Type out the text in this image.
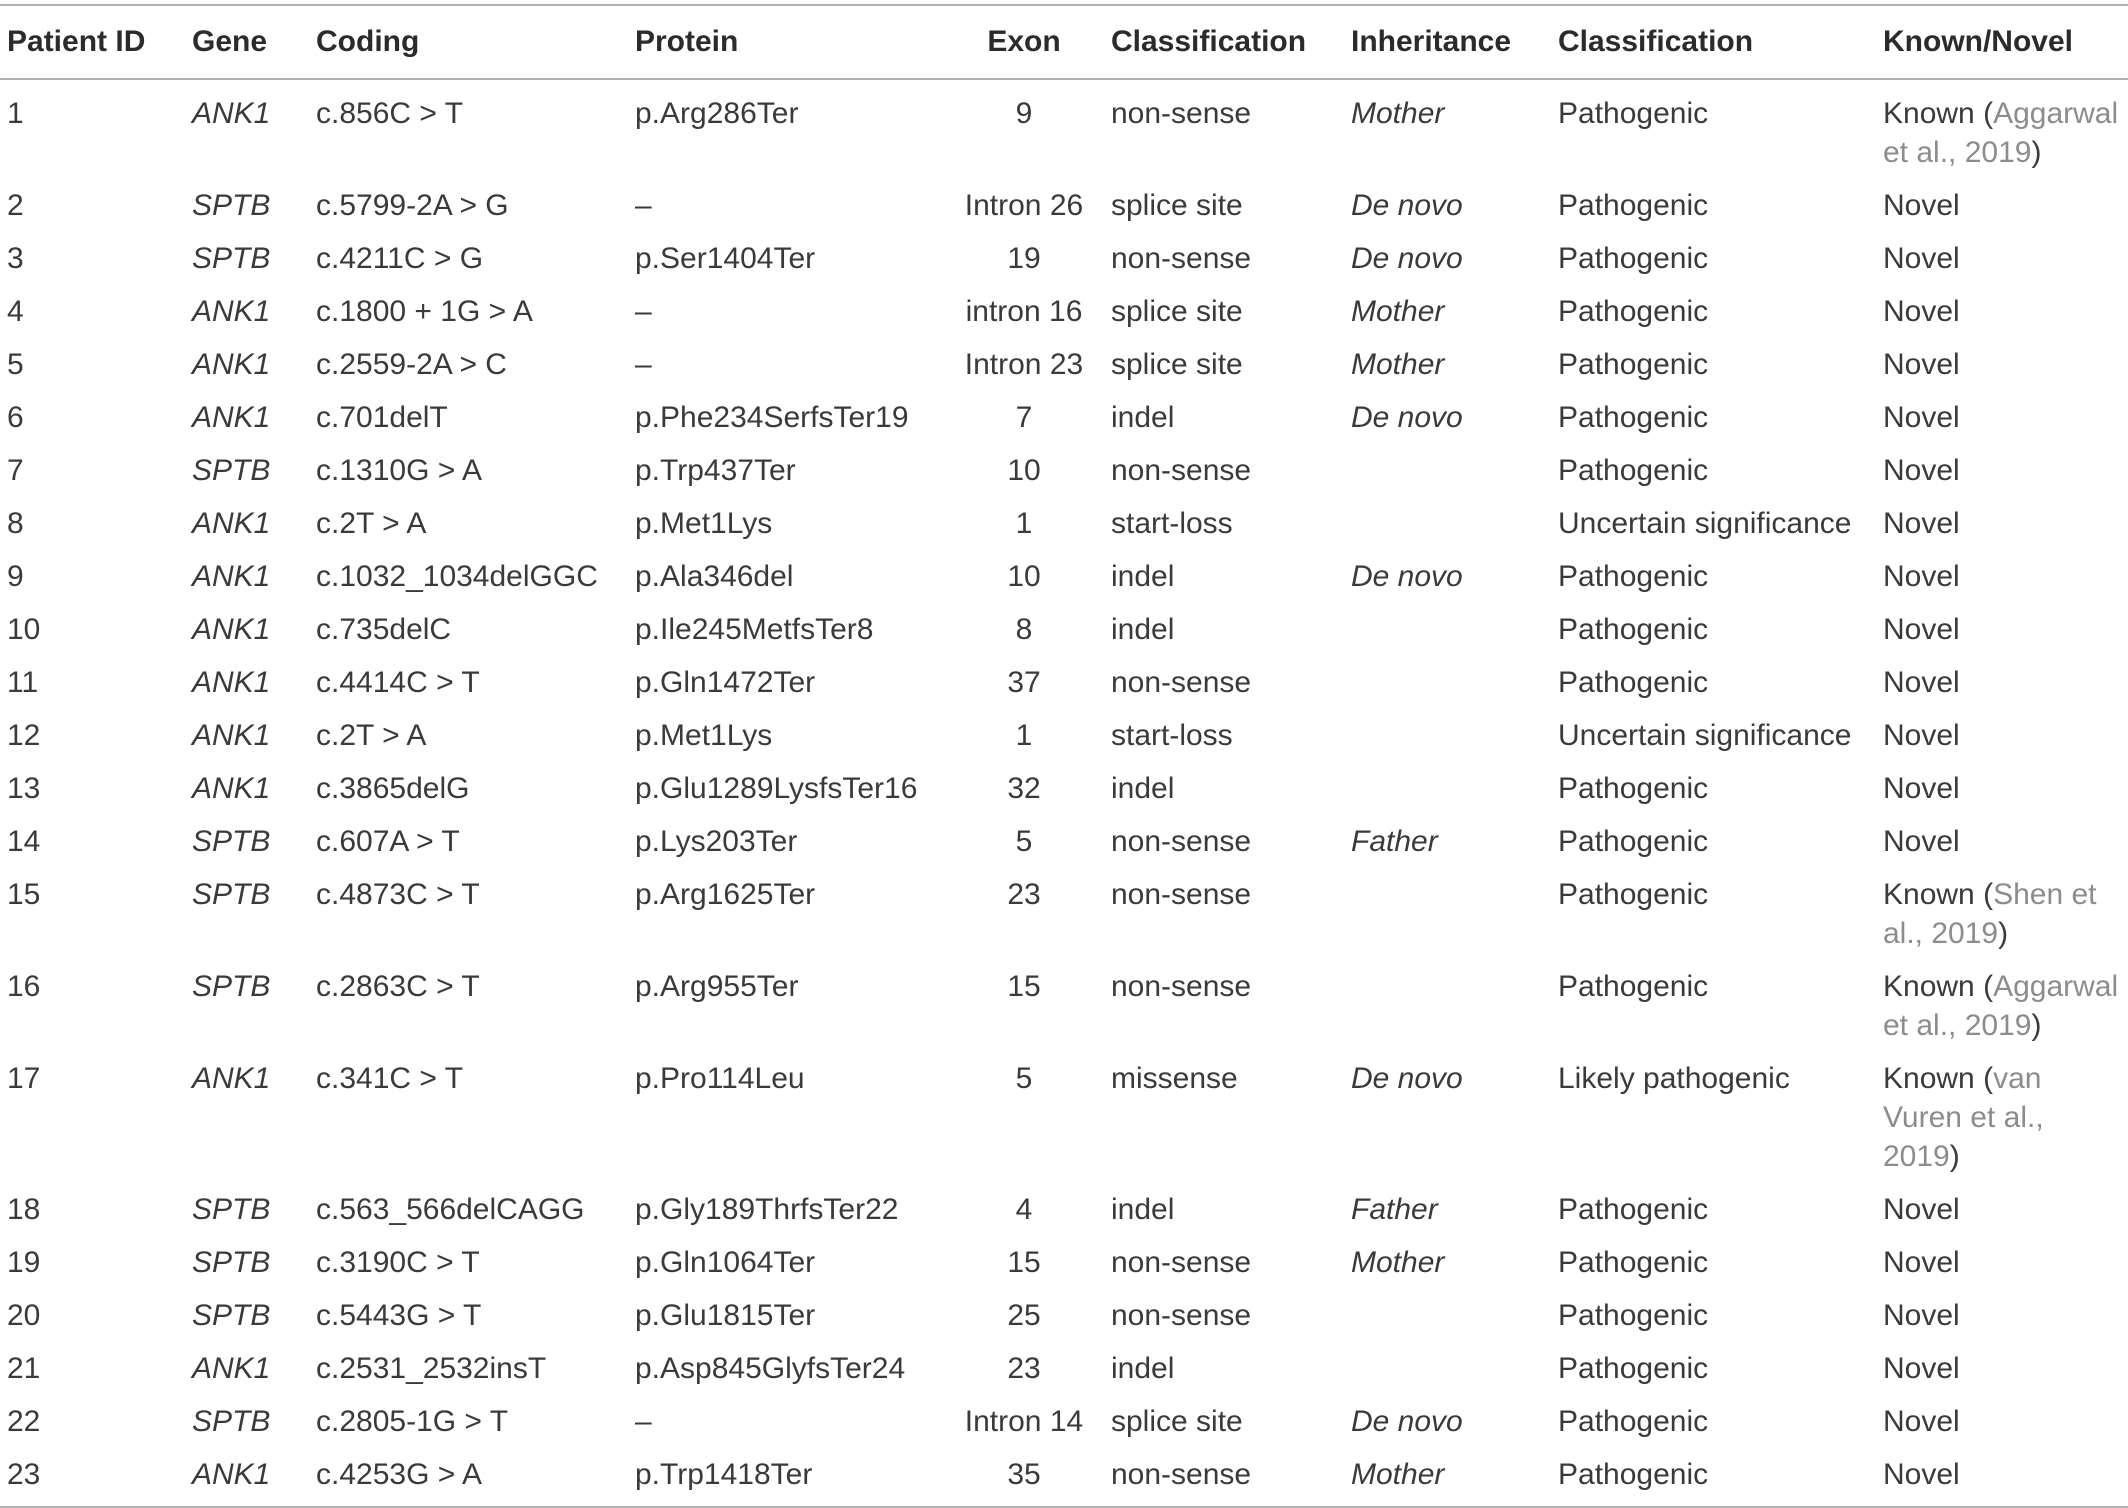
Patient ID	Gene	Coding	Protein	Exon	Classification	Inheritance	Classification	Known/Novel
1	ANK1	c.856C > T	p.Arg286Ter	9	non-sense	Mother	Pathogenic	Known (Aggarwal et al., 2019)
2	SPTB	c.5799-2A > G	–	Intron 26	splice site	De novo	Pathogenic	Novel
3	SPTB	c.4211C > G	p.Ser1404Ter	19	non-sense	De novo	Pathogenic	Novel
4	ANK1	c.1800 + 1G > A	–	intron 16	splice site	Mother	Pathogenic	Novel
5	ANK1	c.2559-2A > C	–	Intron 23	splice site	Mother	Pathogenic	Novel
6	ANK1	c.701delT	p.Phe234SerfsTer19	7	indel	De novo	Pathogenic	Novel
7	SPTB	c.1310G > A	p.Trp437Ter	10	non-sense		Pathogenic	Novel
8	ANK1	c.2T > A	p.Met1Lys	1	start-loss		Uncertain significance	Novel
9	ANK1	c.1032_1034delGGC	p.Ala346del	10	indel	De novo	Pathogenic	Novel
10	ANK1	c.735delC	p.Ile245MetfsTer8	8	indel		Pathogenic	Novel
11	ANK1	c.4414C > T	p.Gln1472Ter	37	non-sense		Pathogenic	Novel
12	ANK1	c.2T > A	p.Met1Lys	1	start-loss		Uncertain significance	Novel
13	ANK1	c.3865delG	p.Glu1289LysfsTer16	32	indel		Pathogenic	Novel
14	SPTB	c.607A > T	p.Lys203Ter	5	non-sense	Father	Pathogenic	Novel
15	SPTB	c.4873C > T	p.Arg1625Ter	23	non-sense		Pathogenic	Known (Shen et al., 2019)
16	SPTB	c.2863C > T	p.Arg955Ter	15	non-sense		Pathogenic	Known (Aggarwal et al., 2019)
17	ANK1	c.341C > T	p.Pro114Leu	5	missense	De novo	Likely pathogenic	Known (van Vuren et al., 2019)
18	SPTB	c.563_566delCAGG	p.Gly189ThrfsTer22	4	indel	Father	Pathogenic	Novel
19	SPTB	c.3190C > T	p.Gln1064Ter	15	non-sense	Mother	Pathogenic	Novel
20	SPTB	c.5443G > T	p.Glu1815Ter	25	non-sense		Pathogenic	Novel
21	ANK1	c.2531_2532insT	p.Asp845GlyfsTer24	23	indel		Pathogenic	Novel
22	SPTB	c.2805-1G > T	–	Intron 14	splice site	De novo	Pathogenic	Novel
23	ANK1	c.4253G > A	p.Trp1418Ter	35	non-sense	Mother	Pathogenic	Novel
